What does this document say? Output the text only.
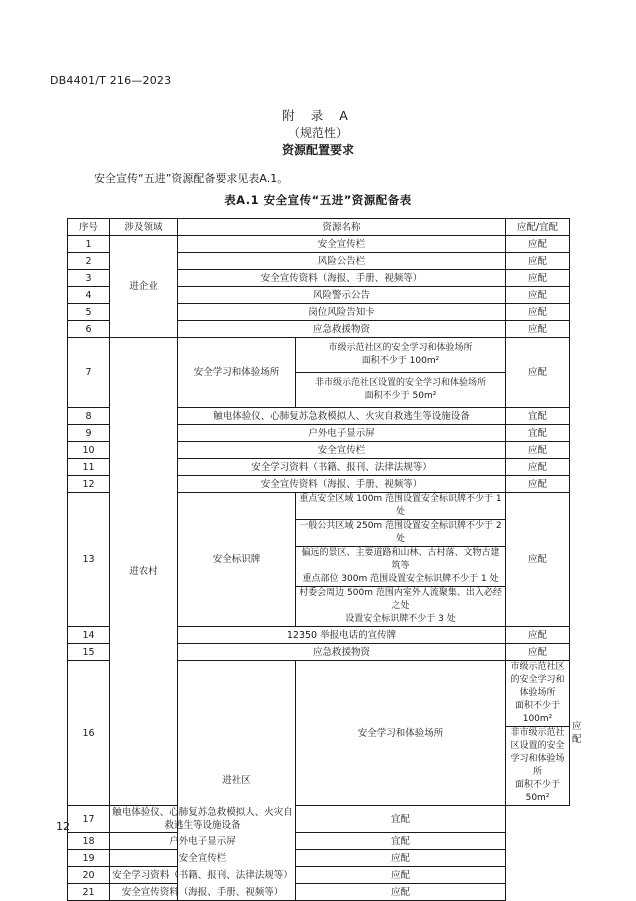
DB4401/T 216—2023
附 录 A
（规范性）
资源配置要求
安全宣传“五进”资源配备要求见表A.1。
表A.1 安全宣传“五进”资源配备表
序号	涉及领域	资源名称		应配/宜配	
1	进企业	安全宣传栏		应配	
2		风险公告栏		应配	
3		安全宣传资料（海报、手册、视频等）		应配	
4		风险警示公告		应配	
5		岗位风险告知卡		应配	
6		应急救援物资		应配	
7	进农村	安全学习和体验场所	市级示范社区的安全学习和体验场所
面积不少于 100m²	应配	
			非市级示范社区设置的安全学习和体验场所
面积不少于 50m²		
8		触电体验仪、心肺复苏急救模拟人、火灾自救逃生等设施设备		宜配	
9		户外电子显示屏		宜配	
10		安全宣传栏		应配	
11		安全学习资料（书籍、报刊、法律法规等）		应配	
12		安全宣传资料（海报、手册、视频等）		应配	
13		安全标识牌	重点安全区域 100m 范围设置安全标识牌不少于 1 处	应配	
			一般公共区域 250m 范围设置安全标识牌不少于 2 处		
			偏远的景区、主要道路和山林、古村落、文物古建筑等
重点部位 300m 范围设置安全标识牌不少于 1 处		
			村委会周边 500m 范围内室外人流聚集、出入必经之处
设置安全标识牌不少于 3 处		
14		12350 举报电话的宣传牌		应配	
15		应急救援物资		应配	
16		进社区	安全学习和体验场所	市级示范社区的安全学习和体验场所
面积不少于 100m²	应配
				非市级示范社区设置的安全学习和体验场所
面积不少于 50m²	
17	触电体验仪、心肺复苏急救模拟人、火灾自救逃生等设施设备		宜配		
18	户外电子显示屏		宜配		
19	安全宣传栏		应配		
20	安全学习资料（书籍、报刊、法律法规等）		应配		
21	安全宣传资料（海报、手册、视频等）		应配		
12
